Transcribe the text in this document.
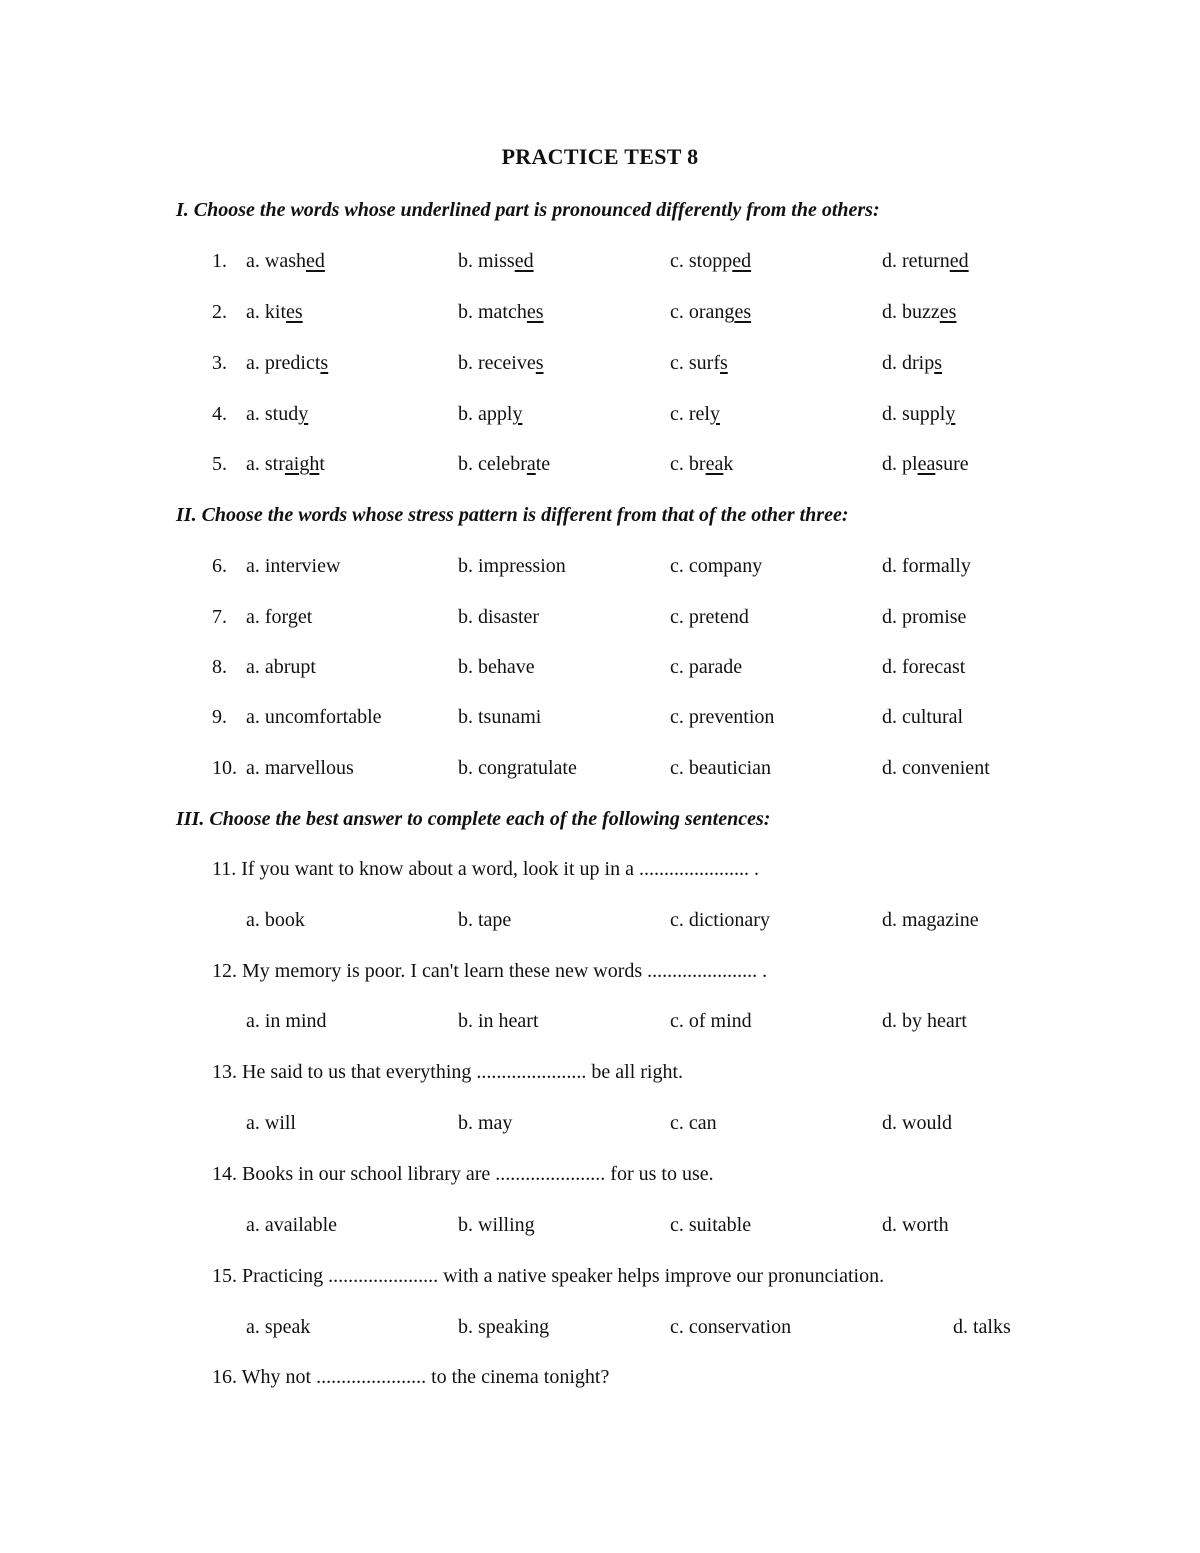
PRACTICE TEST 8
I. Choose the words whose underlined part is pronounced differently from the others:
1. a. washed	b. missed	c. stopped	d. returned
2. a. kites	b. matches	c. oranges	d. buzzes
3. a. predicts	b. receives	c. surfs	d. drips
4. a. study	b. apply	c. rely	d. supply
5. a. straight	b. celebrate	c. break	d. pleasure
II. Choose the words whose stress pattern is different from that of the other three:
6. a. interview	b. impression	c. company	d. formally
7. a. forget	b. disaster	c. pretend	d. promise
8. a. abrupt	b. behave	c. parade	d. forecast
9. a. uncomfortable	b. tsunami	c. prevention	d. cultural
10. a. marvellous	b. congratulate	c. beautician	d. convenient
III. Choose the best answer to complete each of the following sentences:
11. If you want to know about a word, look it up in a ...................... .
a. book	b. tape	c. dictionary	d. magazine
12. My memory is poor. I can't learn these new words ...................... .
a. in mind	b. in heart	c. of mind	d. by heart
13. He said to us that everything ...................... be all right.
a. will	b. may	c. can	d. would
14. Books in our school library are ...................... for us to use.
a. available	b. willing	c. suitable	d. worth
15. Practicing ...................... with a native speaker helps improve our pronunciation.
a. speak	b. speaking	c. conservation	d. talks
16. Why not ...................... to the cinema tonight?
